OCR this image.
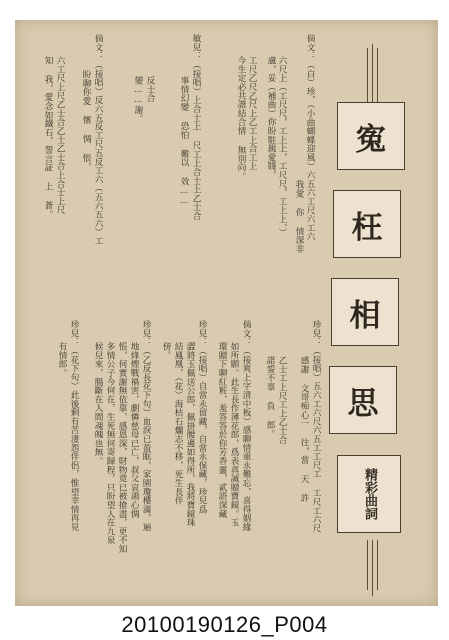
寃
枉
相
思
精彩曲詞
倘文：（白）珍，（小曲蝴蝶迎風）六五六工尺六工六
我愛 你 情深非
六尺上（工尺尺，工上上，工尺尺，工上上，）
盧，妥（補曲）你盼駐親愛賤，
工尺乙尺乙尺上乙工上合工上
今生定必共諧結合情 無別向。
敏兒：（接唱）上合士上 尺工上合士上乙士合
事情幻變 恐怕 難以 效……
反士合
變……謝。
倘文：（接唱）反六五反工尺五反工六（五六五六）工
盼聊你愛 懷 惆 悵，
六工尺上尺乙士合乙士乙士合上合士上尺
知 我，愛念如鐵石，誓言証 上 蒼。
珍兒：（接唱）五六工六尺六五工工尺工 工尺工六尺
感謝 文哥痴心一 往，當 天 許
乙士工上尺工上乙士合
諾誓不辜 負 郎。
倘文：（接爽上字清中板）感聊情重永難忘，喜得姻緣
如所願。此生長作薄花郎，爲表真誠贈寶鏡。玉
環贈下聊紅粧，羞答答於你芳香靈，貳語深藏
珍兒：（接唱）自當永留藏，自當永保藏，珍兒爲
澀將玉佩送公郎，佩掛腰邊如得所，我將寶鏡珠
結鳳凰，（花）海枯石爛志不移，死生長伴
傍。
珍兒：（乙反長花下句）血淚已盈眶，家園瓊樓滿，遍
地烽煙戰禍害，劇憐慈母已亡，叔父哀鴻心惆
悵，何實謝無依靠，感恩深，財物竟已被搶盡，更不知
多情公子今何在，生死無何寄歸程，只盼望人在九泉
候兒來，腸斷在人間魂魄也無。
珍兒：（花下句）此後剩有苦淒怨伴侶，惟望幸情再見
有情郎。
20100190126_P004
